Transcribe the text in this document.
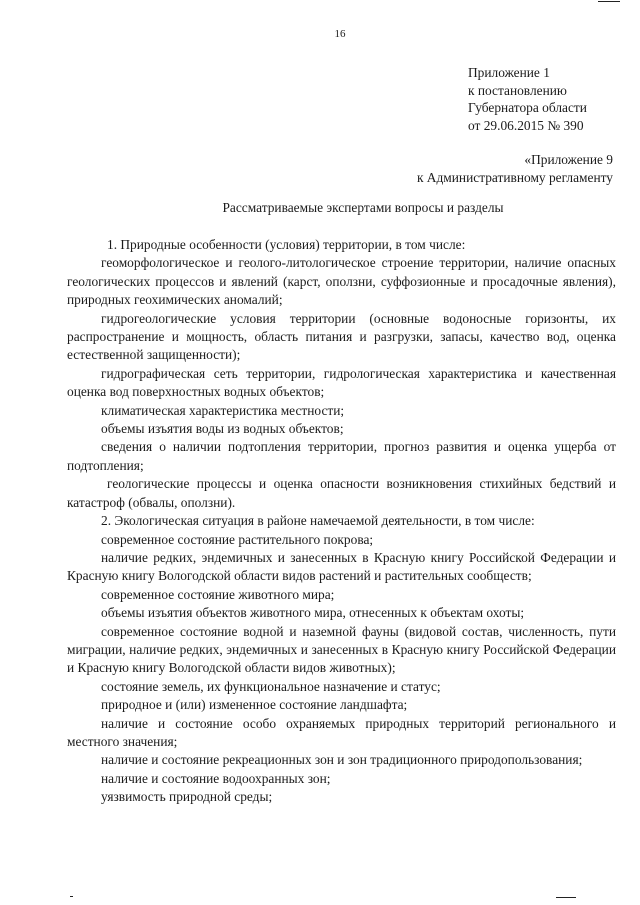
16
Приложение 1
к постановлению
Губернатора области
от 29.06.2015 № 390
«Приложение 9
к Административному регламенту
Рассматриваемые экспертами вопросы и разделы

1. Природные особенности (условия) территории, в том числе:

геоморфологическое и геолого-литологическое строение территории, наличие опасных геологических процессов и явлений (карст, оползни, суффозионные и просадочные явления), природных геохимических аномалий;

гидрогеологические условия территории (основные водоносные горизонты, их распространение и мощность, область питания и разгрузки, запасы, качество вод, оценка естественной защищенности);

гидрографическая сеть территории, гидрологическая характеристика и качественная оценка вод поверхностных водных объектов;

климатическая характеристика местности;

объемы изъятия воды из водных объектов;

сведения о наличии подтопления территории, прогноз развития и оценка ущерба от подтопления;

геологические процессы и оценка опасности возникновения стихийных бедствий и катастроф (обвалы, оползни).

2. Экологическая ситуация в районе намечаемой деятельности, в том числе:

современное состояние растительного покрова;

наличие редких, эндемичных и занесенных в Красную книгу Российской Федерации и Красную книгу Вологодской области видов растений и растительных сообществ;

современное состояние животного мира;

объемы изъятия объектов животного мира, отнесенных к объектам охоты;

современное состояние водной и наземной фауны (видовой состав, численность, пути миграции, наличие редких, эндемичных и занесенных в Красную книгу Российской Федерации и Красную книгу Вологодской области видов животных);

состояние земель, их функциональное назначение и статус;

природное и (или) измененное состояние ландшафта;

наличие и состояние особо охраняемых природных территорий регионального и местного значения;

наличие и состояние рекреационных зон и зон традиционного природопользования;

наличие и состояние водоохранных зон;

уязвимость природной среды;
